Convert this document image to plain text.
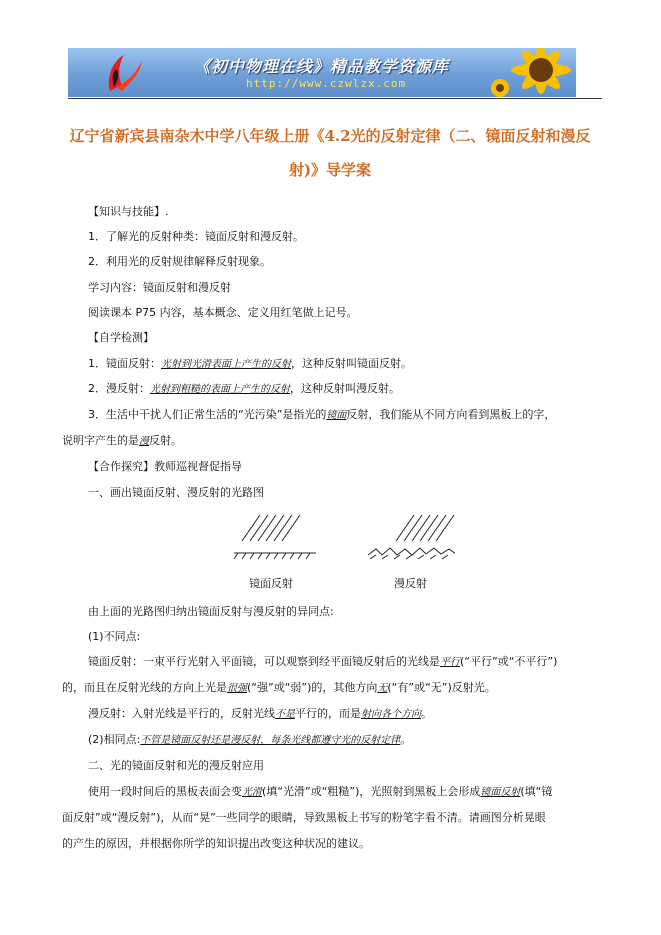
《初中物理在线》精品教学资源库
http://www.czwlzx.com
辽宁省新宾县南杂木中学八年级上册《4.2光的反射定律（二、镜面反射和漫反
射)》导学案
【知识与技能】.
1．了解光的反射种类：镜面反射和漫反射。
2．利用光的反射规律解释反射现象。
学习内容：镜面反射和漫反射
阅读课本 P75 内容，基本概念、定义用红笔做上记号。
【自学检测】
1．镜面反射：光射到光滑表面上产生的反射，这种反射叫镜面反射。
2．漫反射：光射到粗糙的表面上产生的反射，这种反射叫漫反射。
3．生活中干扰人们正常生活的“光污染”是指光的镜面反射，我们能从不同方向看到黑板上的字，
说明字产生的是漫反射。
【合作探究】教师巡视督促指导
一、画出镜面反射、漫反射的光路图
镜面反射	漫反射
由上面的光路图归纳出镜面反射与漫反射的异同点:
(1)不同点:
镜面反射：一束平行光射入平面镜，可以观察到经平面镜反射后的光线是平行(“平行”或“不平行”)
的，而且在反射光线的方向上光是很强(“强”或“弱”)的，其他方向无(“有”或“无”)反射光。
漫反射：入射光线是平行的，反射光线不是平行的，而是射向各个方向。
(2)相同点:不管是镜面反射还是漫反射，每条光线都遵守光的反射定律。
二、光的镜面反射和光的漫反射应用
使用一段时间后的黑板表面会变光滑(填“光滑”或“粗糙”)，光照射到黑板上会形成镜面反射(填“镜
面反射”或“漫反射”)，从而“晃”一些同学的眼睛，导致黑板上书写的粉笔字看不清。请画图分析晃眼
的产生的原因，并根据你所学的知识提出改变这种状况的建议。
